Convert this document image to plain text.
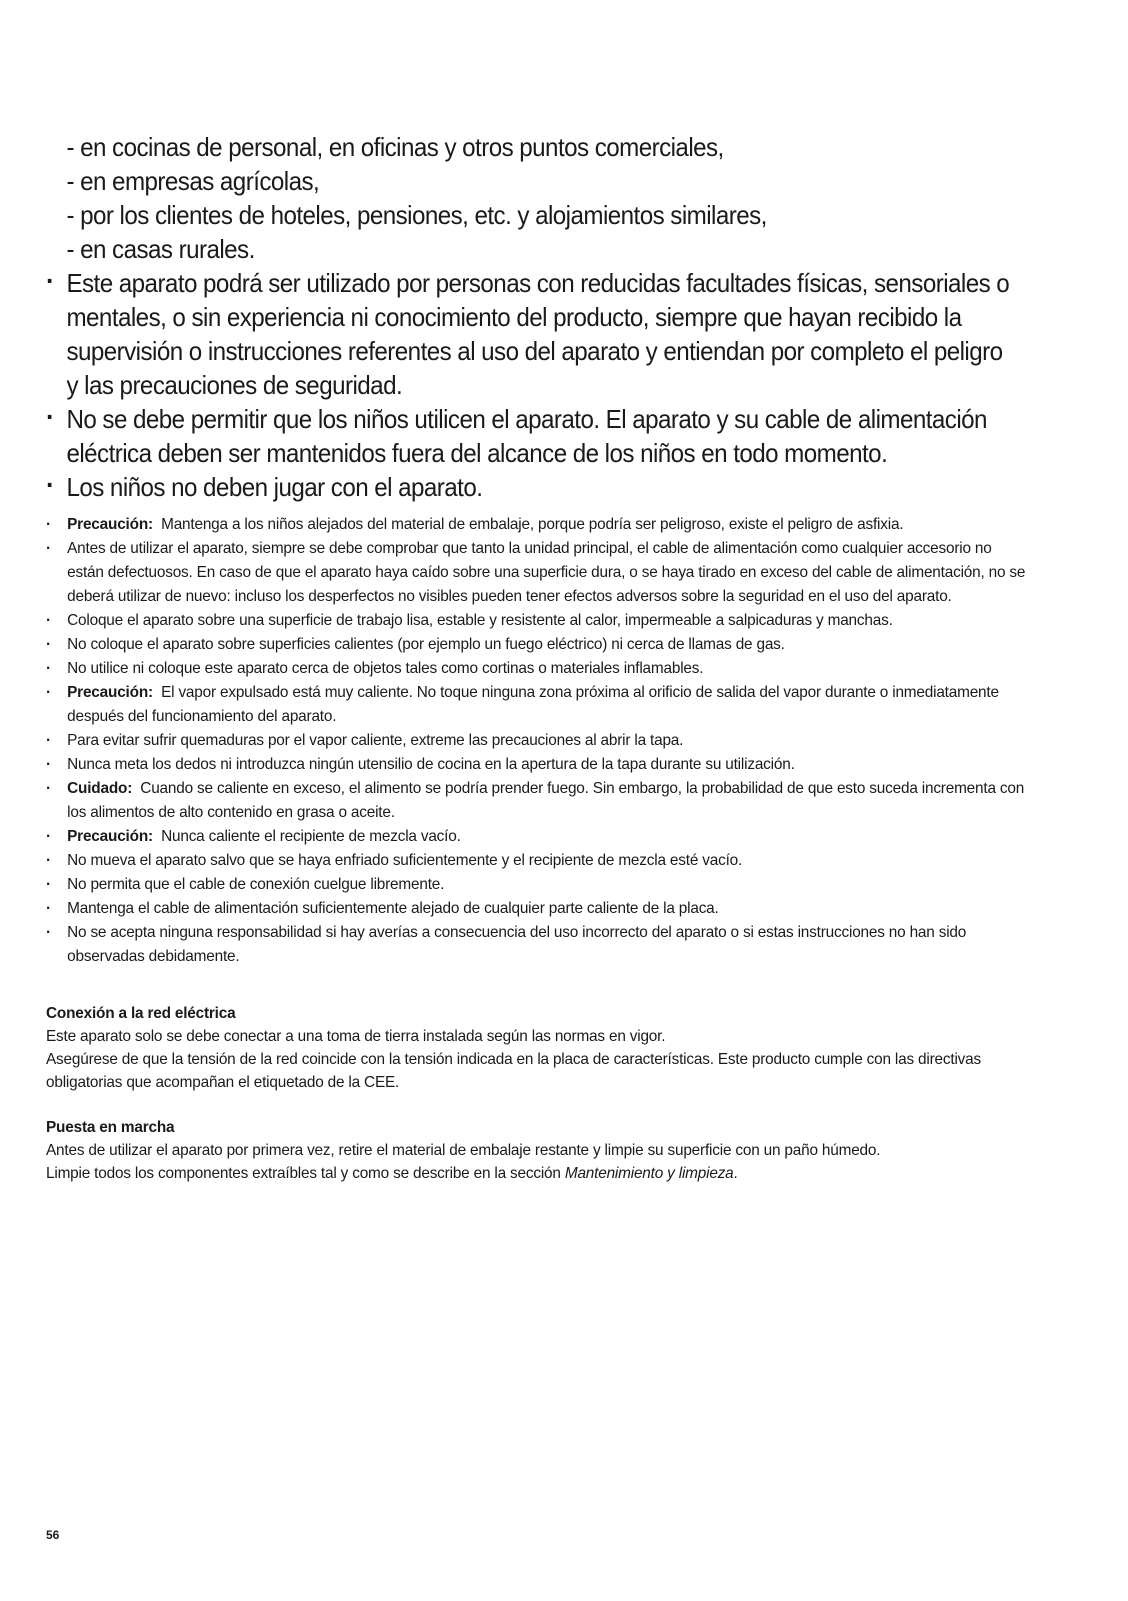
- en cocinas de personal, en oficinas y otros puntos comerciales,
- en empresas agrícolas,
- por los clientes de hoteles, pensiones, etc. y alojamientos similares,
- en casas rurales.
· Este aparato podrá ser utilizado por personas con reducidas facultades físicas, sensoriales o mentales, o sin experiencia ni conocimiento del producto, siempre que hayan recibido la supervisión o instrucciones referentes al uso del aparato y entiendan por completo el peligro y las precauciones de seguridad.
· No se debe permitir que los niños utilicen el aparato. El aparato y su cable de alimentación eléctrica deben ser mantenidos fuera del alcance de los niños en todo momento.
· Los niños no deben jugar con el aparato.
· Precaución: Mantenga a los niños alejados del material de embalaje, porque podría ser peligroso, existe el peligro de asfixia.
· Antes de utilizar el aparato, siempre se debe comprobar que tanto la unidad principal, el cable de alimentación como cualquier accesorio no están defectuosos. En caso de que el aparato haya caído sobre una superficie dura, o se haya tirado en exceso del cable de alimentación, no se deberá utilizar de nuevo: incluso los desperfectos no visibles pueden tener efectos adversos sobre la seguridad en el uso del aparato.
· Coloque el aparato sobre una superficie de trabajo lisa, estable y resistente al calor, impermeable a salpicaduras y manchas.
· No coloque el aparato sobre superficies calientes (por ejemplo un fuego eléctrico) ni cerca de llamas de gas.
· No utilice ni coloque este aparato cerca de objetos tales como cortinas o materiales inflamables.
· Precaución: El vapor expulsado está muy caliente. No toque ninguna zona próxima al orificio de salida del vapor durante o inmediatamente después del funcionamiento del aparato.
· Para evitar sufrir quemaduras por el vapor caliente, extreme las precauciones al abrir la tapa.
· Nunca meta los dedos ni introduzca ningún utensilio de cocina en la apertura de la tapa durante su utilización.
· Cuidado: Cuando se caliente en exceso, el alimento se podría prender fuego. Sin embargo, la probabilidad de que esto suceda incrementa con los alimentos de alto contenido en grasa o aceite.
· Precaución: Nunca caliente el recipiente de mezcla vacío.
· No mueva el aparato salvo que se haya enfriado suficientemente y el recipiente de mezcla esté vacío.
· No permita que el cable de conexión cuelgue libremente.
· Mantenga el cable de alimentación suficientemente alejado de cualquier parte caliente de la placa.
· No se acepta ninguna responsabilidad si hay averías a consecuencia del uso incorrecto del aparato o si estas instrucciones no han sido observadas debidamente.
Conexión a la red eléctrica

Este aparato solo se debe conectar a una toma de tierra instalada según las normas en vigor.

Asegúrese de que la tensión de la red coincide con la tensión indicada en la placa de características. Este producto cumple con las directivas obligatorias que acompañan el etiquetado de la CEE.

Puesta en marcha

Antes de utilizar el aparato por primera vez, retire el material de embalaje restante y limpie su superficie con un paño húmedo.

Limpie todos los componentes extraíbles tal y como se describe en la sección Mantenimiento y limpieza.

56
